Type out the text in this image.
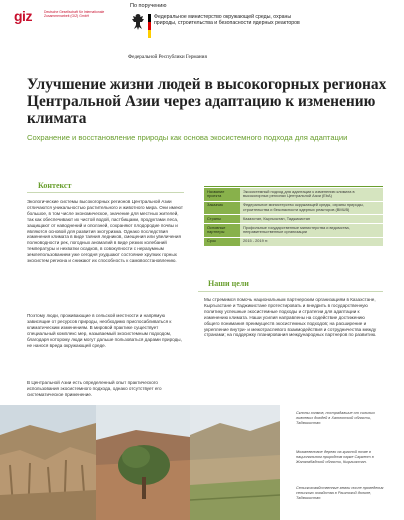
giz	Deutsche Gesellschaft für Internationale Zusammenarbeit (GIZ) GmbH
По поручению
Федеральное министерство окружающей среды, охраны природы, строительства и безопасности ядерных реакторов
Федеральной Республики Германия
Улучшение жизни людей в высокогорных регионах Центральной Азии через адаптацию к изменению климата

Сохранение и восстановление природы как основа экосистемного подхода для адаптации

Контекст

Экологические системы высокогорных регионов Центральной Азии отличаются уникальностью растительного и животного мира. Они имеют большое, в том числе экономическое, значение для местных жителей, так как обеспечивают их чистой водой, пастбищами, продуктами леса, защищают от наводнений и оползней, сохраняют плодородие почвы и являются основой для развития экотуризма. Однако последствия изменения климата в виде таяния ледников, смещения или увеличения полноводности рек, погодных аномалий в виде резких колебаний температуры и нехватки осадков, в совокупности с неразумным землепользованием уже сегодня ухудшают состояние хрупких горных экосистем региона и снижают их способность к самовосстановлению.

Поэтому люди, проживающие в сельской местности и напрямую зависящие от ресурсов природы, необходимо приспосабливаться к климатическим изменениям. В мировой практике существует специальный комплекс мер, называемый экосистемным подходом, благодаря которому люди могут дальше пользоваться дарами природы, не нанося вреда окружающей среде.

В Центральной Азии есть определенный опыт практического использования экосистемного подхода, однако отсутствует его систематическое применение.

Название проекта	Экосистемный подход для адаптации к изменению климата в высокогорных регионах Центральной Азии (EbA)
Заказчик	Федеральное министерство окружающей среды, охраны природы, строительства и безопасности ядерных реакторов (BMUB)
Страны	Казахстан, Кыргызстан, Таджикистан
Основные партнеры	Профильные государственные министерства и ведомства, неправительственные организации
Срок	2015 - 2019 гг.
Наши цели

Мы стремимся помочь национальным партнерским организациям в Казахстане, Кыргызстане и Таджикистане протестировать и внедрить в государственную политику успешные экосистемные подходы и стратегии для адаптации к изменению климата. Наши усилия направлены на содействие достижению общего понимания преимуществ экосистемных подходов; на расширение и укрепление внутри- и межотраслевого взаимодействия и сотрудничества между странами; на поддержку планирования международных партнеров по развитию.

Склоны холмов, пострадавшие от сильных ливневых дождей в Хатлонской области, Таджикистан.

Можжевеловое дерево на красной почве в национальном природном парке Саркент в Жалалабадской области, Кыргызстан.

Сельскохозяйственные земли после проведения сельского хозяйства в Раштской долине, Таджикистан.
